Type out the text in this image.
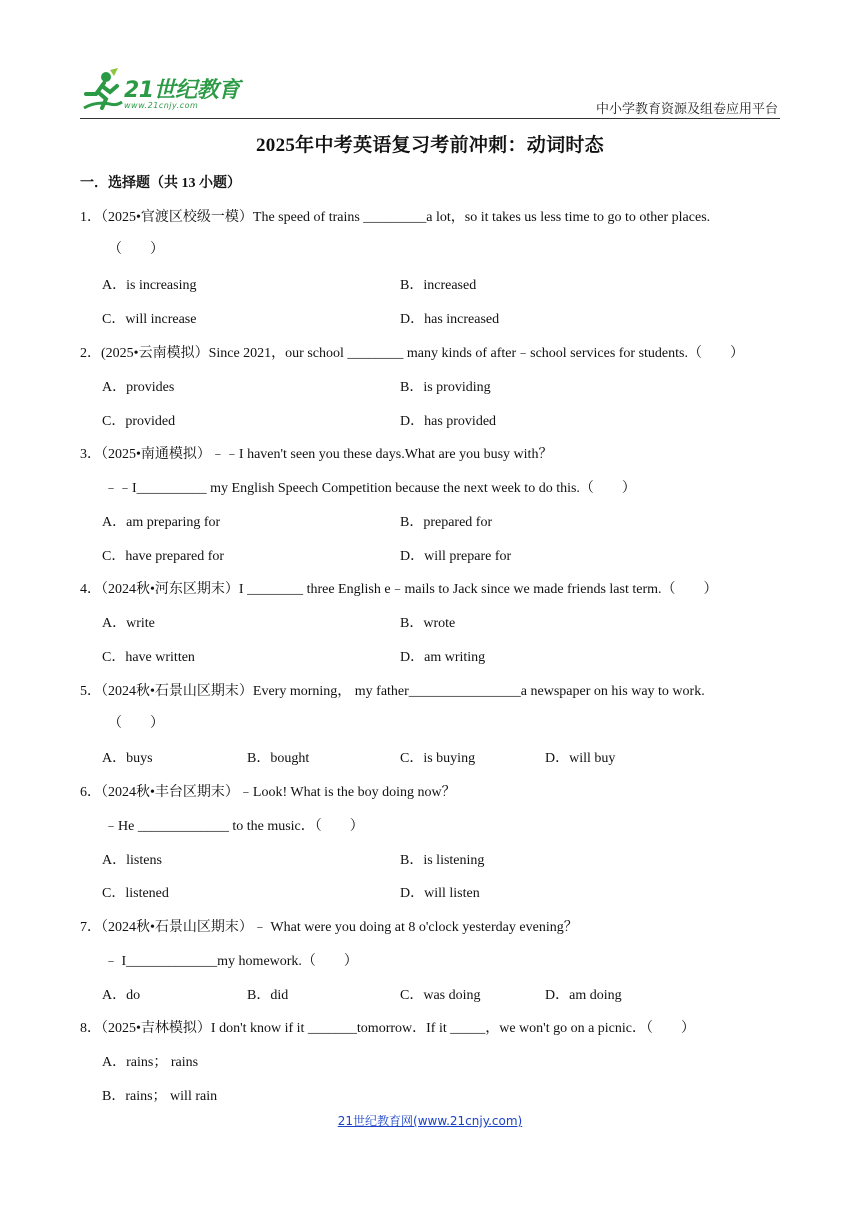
21世纪教育
www.21cnjy.com	中小学教育资源及组卷应用平台
2025年中考英语复习考前冲刺：动词时态
一．选择题（共 13 小题）
1．（2025•官渡区校级一模）The speed of trains _________a lot，so it takes us less time to go to other places.
（　　）
A．is increasing	B．increased
C．will increase	D．has increased
2．(2025•云南模拟）Since 2021，our school ________ many kinds of after﹣school services for students.（　　）
A．provides	B．is providing
C．provided	D．has provided
3．（2025•南通模拟）﹣﹣I haven't seen you these days.What are you busy with？
﹣﹣I__________ my English Speech Competition because the next week to do this.（　　）
A．am preparing for	B．prepared for
C．have prepared for	D．will prepare for
4．（2024秋•河东区期末）I ________ three English e﹣mails to Jack since we made friends last term.（　　）
A．write	B．wrote
C．have written	D．am writing
5．（2024秋•石景山区期末）Every morning， my father________________a newspaper on his way to work.
（　　）
A．buys	B．bought	C．is buying	D．will buy
6．（2024秋•丰台区期末）﹣Look! What is the boy doing now？
﹣He _____________ to the music．（　　）
A．listens	B．is listening
C．listened	D．will listen
7．（2024秋•石景山区期末）﹣ What were you doing at 8 o'clock yesterday evening？
﹣ I_____________my homework.（　　）
A．do	B．did	C．was doing	D．am doing
8．（2025•吉林模拟）I don't know if it _______tomorrow．If it _____，we won't go on a picnic．（　　）
A．rains； rains
B．rains； will rain
21世纪教育网(www.21cnjy.com)
